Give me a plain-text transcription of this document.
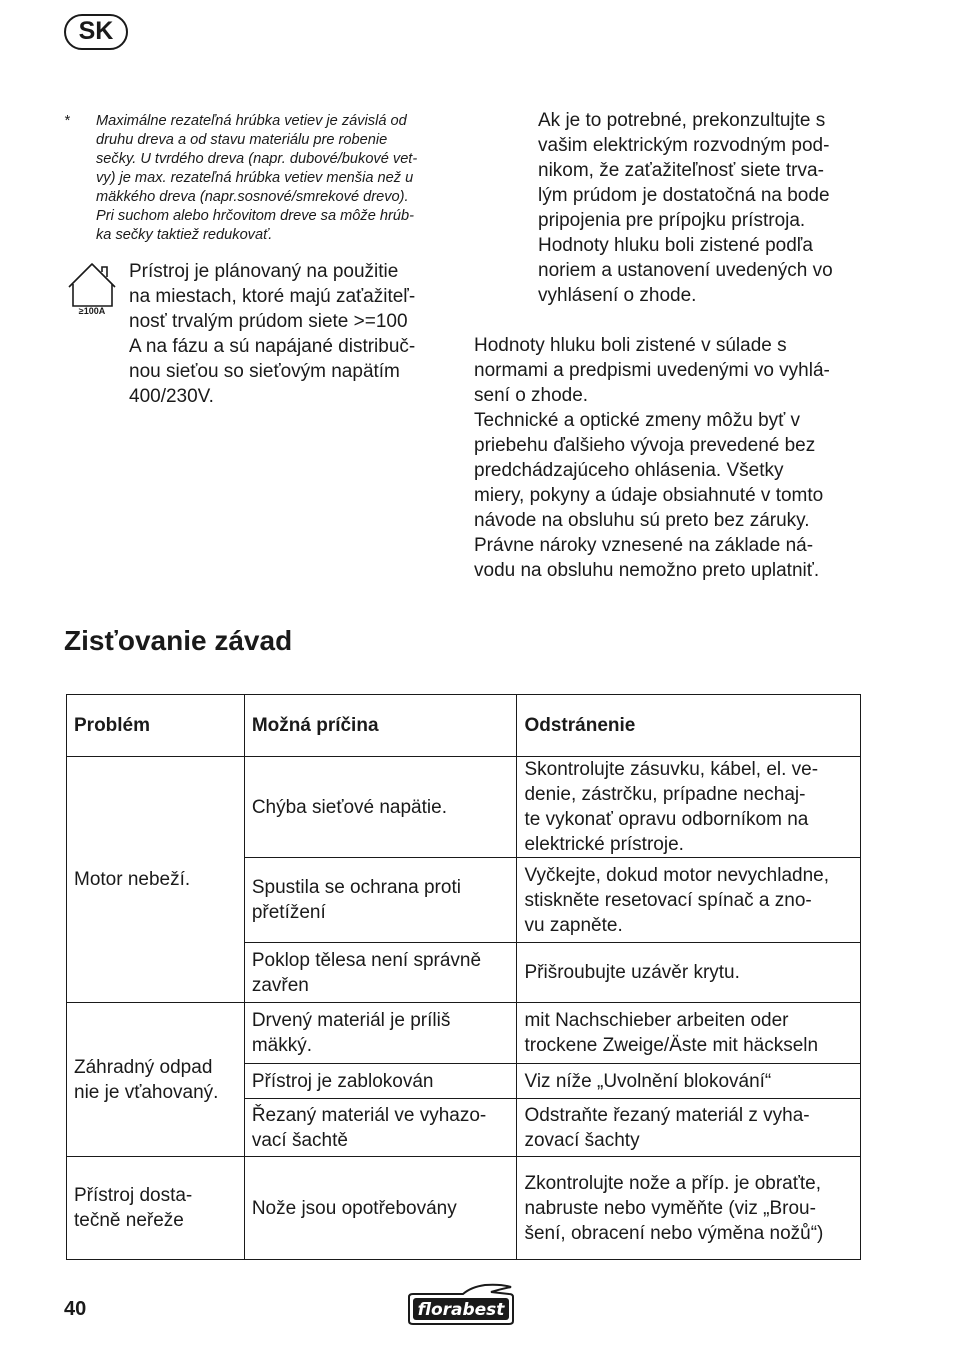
SK
* Maximálne rezateľná hrúbka vetiev je závislá od
druhu dreva a od stavu materiálu pre robenie
sečky. U tvrdého dreva (napr. dubové/bukové vet-
vy) je max. rezateľná hrúbka vetiev menšia než u
mäkkého dreva (napr.sosnové/smrekové drevo).
Pri suchom alebo hrčovitom dreve sa môže hrúb-
ka sečky taktiež redukovať.
≥100A
Prístroj je plánovaný na použitie
na miestach, ktoré majú zaťažiteľ-
nosť trvalým prúdom siete >=100
A na fázu a sú napájané distribuč-
nou sieťou so sieťovým napätím
400/230V.
Ak je to potrebné, prekonzultujte s
vašim elektrickým rozvodným pod-
nikom, že zaťažiteľnosť siete trva-
lým prúdom je dostatočná na bode
pripojenia pre prípojku prístroja.
Hodnoty hluku boli zistené podľa
noriem a ustanovení uvedených vo
vyhlásení o zhode.
Hodnoty hluku boli zistené v súlade s
normami a predpismi uvedenými vo vyhlá-
sení o zhode.
Technické a optické zmeny môžu byť v
priebehu ďalšieho vývoja prevedené bez
predchádzajúceho ohlásenia. Všetky
miery, pokyny a údaje obsiahnuté v tomto
návode na obsluhu sú preto bez záruky.
Právne nároky vznesené na základe ná-
vodu na obsluhu nemožno preto uplatniť.
Zisťovanie závad
Problém	Možná príčina	Odstránenie
Motor nebeží.	Chýba sieťové napätie.	Skontrolujte zásuvku, kábel, el. ve-
denie, zástrčku, prípadne nechaj-
te vykonať opravu odborníkom na
elektrické prístroje.
	Spustila se ochrana proti
přetížení	Vyčkejte, dokud motor nevychladne,
stiskněte resetovací spínač a zno-
vu zapněte.
	Poklop tělesa není správně
zavřen	Přišroubujte uzávěr krytu.
Záhradný odpad
nie je vťahovaný.	Drvený materiál je príliš
mäkký.	mit Nachschieber arbeiten oder
trockene Zweige/Äste mit häckseln
	Přístroj je zablokován	Viz níže „Uvolnění blokování“
	Řezaný materiál ve vyhazo-
vací šachtě	Odstraňte řezaný materiál z vyha-
zovací šachty
Přístroj dosta-
tečně neřeže	Nože jsou opotřebovány	Zkontrolujte nože a příp. je obraťte,
nabruste nebo vyměňte (viz „Brou-
šení, obracení nebo výměna nožů“)
40	florabest
